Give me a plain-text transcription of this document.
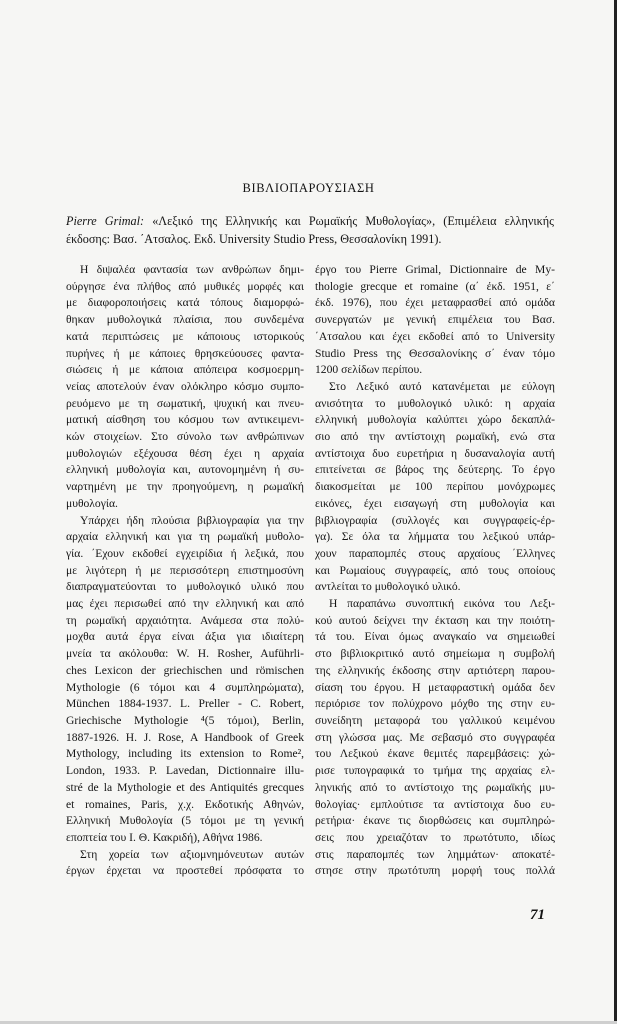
ΒΙΒΛΙΟΠΑΡΟΥΣΙΑΣΗ
Pierre Grimal: «Λεξικό της Ελληνικής και Ρωμαϊκής Μυθολογίας», (Επιμέλεια ελληνικής
έκδοσης: Βασ. ΄Ατσαλος. Εκδ. University Studio Press, Θεσσαλονίκη 1991).
Η διψαλέα φαντασία των ανθρώπων δημι-
ούργησε ένα πλήθος από μυθικές μορφές και
με διαφοροποιήσεις κατά τόπους διαμορφώ-
θηκαν μυθολογικά πλαίσια, που συνδεμένα
κατά περιπτώσεις με κάποιους ιστορικούς
πυρήνες ή με κάποιες θρησκεύουσες φαντα-
σιώσεις ή με κάποια απόπειρα κοσμοερμη-
νείας αποτελούν έναν ολόκληρο κόσμο συμπο-
ρευόμενο με τη σωματική, ψυχική και πνευ-
ματική αίσθηση του κόσμου των αντικειμενι-
κών στοιχείων. Στο σύνολο των ανθρώπινων
μυθολογιών εξέχουσα θέση έχει η αρχαία
ελληνική μυθολογία και, αυτονομημένη ή συ-
ναρτημένη με την προηγούμενη, η ρωμαϊκή
μυθολογία.
Υπάρχει ήδη πλούσια βιβλιογραφία για την
αρχαία ελληνική και για τη ρωμαϊκή μυθολο-
γία. ΄Εχουν εκδοθεί εγχειρίδια ή λεξικά, που
με λιγότερη ή με περισσότερη επιστημοσύνη
διαπραγματεύονται το μυθολογικό υλικό που
μας έχει περισωθεί από την ελληνική και από
τη ρωμαϊκή αρχαιότητα. Ανάμεσα στα πολύ-
μοχθα αυτά έργα είναι άξια για ιδιαίτερη
μνεία τα ακόλουθα: W. H. Rosher, Auführli-
ches Lexicon der griechischen und römischen
Mythologie (6 τόμοι και 4 συμπληρώματα),
München 1884-1937. L. Preller - C. Robert,
Griechische Mythologie ⁴(5 τόμοι), Berlin,
1887-1926. H. J. Rose, A Handbook of Greek
Mythology, including its extension to Rome²,
London, 1933. P. Lavedan, Dictionnaire illu-
stré de la Mythologie et des Antiquités grecques
et romaines, Paris, χ.χ. Εκδοτικής Αθηνών,
Ελληνική Μυθολογία (5 τόμοι με τη γενική
εποπτεία του Ι. Θ. Κακριδή), Αθήνα 1986.
Στη χορεία των αξιομνημόνευτων αυτών
έργων έρχεται να προστεθεί πρόσφατα το
έργο του Pierre Grimal, Dictionnaire de My-
thologie grecque et romaine (α΄ έκδ. 1951, ε΄
έκδ. 1976), που έχει μεταφρασθεί από ομάδα
συνεργατών με γενική επιμέλεια του Βασ.
΄Ατσαλου και έχει εκδοθεί από το University
Studio Press της Θεσσαλονίκης σ΄ έναν τόμο
1200 σελίδων περίπου.
Στο Λεξικό αυτό κατανέμεται με εύλογη
ανισότητα το μυθολογικό υλικό: η αρχαία
ελληνική μυθολογία καλύπτει χώρο δεκαπλά-
σιο από την αντίστοιχη ρωμαϊκή, ενώ στα
αντίστοιχα δυο ευρετήρια η δυσαναλογία αυτή
επιτείνεται σε βάρος της δεύτερης. Το έργο
διακοσμείται με 100 περίπου μονόχρωμες
εικόνες, έχει εισαγωγή στη μυθολογία και
βιβλιογραφία (συλλογές και συγγραφείς-έρ-
γα). Σε όλα τα λήμματα του λεξικού υπάρ-
χουν παραπομπές στους αρχαίους ΄Ελληνες
και Ρωμαίους συγγραφείς, από τους οποίους
αντλείται το μυθολογικό υλικό.
Η παραπάνω συνοπτική εικόνα του Λεξι-
κού αυτού δείχνει την έκταση και την ποιότη-
τά του. Είναι όμως αναγκαίο να σημειωθεί
στο βιβλιοκριτικό αυτό σημείωμα η συμβολή
της ελληνικής έκδοσης στην αρτιότερη παρου-
σίαση του έργου. Η μεταφραστική ομάδα δεν
περιόρισε τον πολύχρονο μόχθο της στην ευ-
συνείδητη μεταφορά του γαλλικού κειμένου
στη γλώσσα μας. Με σεβασμό στο συγγραφέα
του Λεξικού έκανε θεμιτές παρεμβάσεις: χώ-
ρισε τυπογραφικά το τμήμα της αρχαίας ελ-
ληνικής από το αντίστοιχο της ρωμαϊκής μυ-
θολογίας· εμπλούτισε τα αντίστοιχα δυο ευ-
ρετήρια· έκανε τις διορθώσεις και συμπληρώ-
σεις που χρειαζόταν το πρωτότυπο, ιδίως
στις παραπομπές των λημμάτων· αποκατέ-
στησε στην πρωτότυπη μορφή τους πολλά
71
